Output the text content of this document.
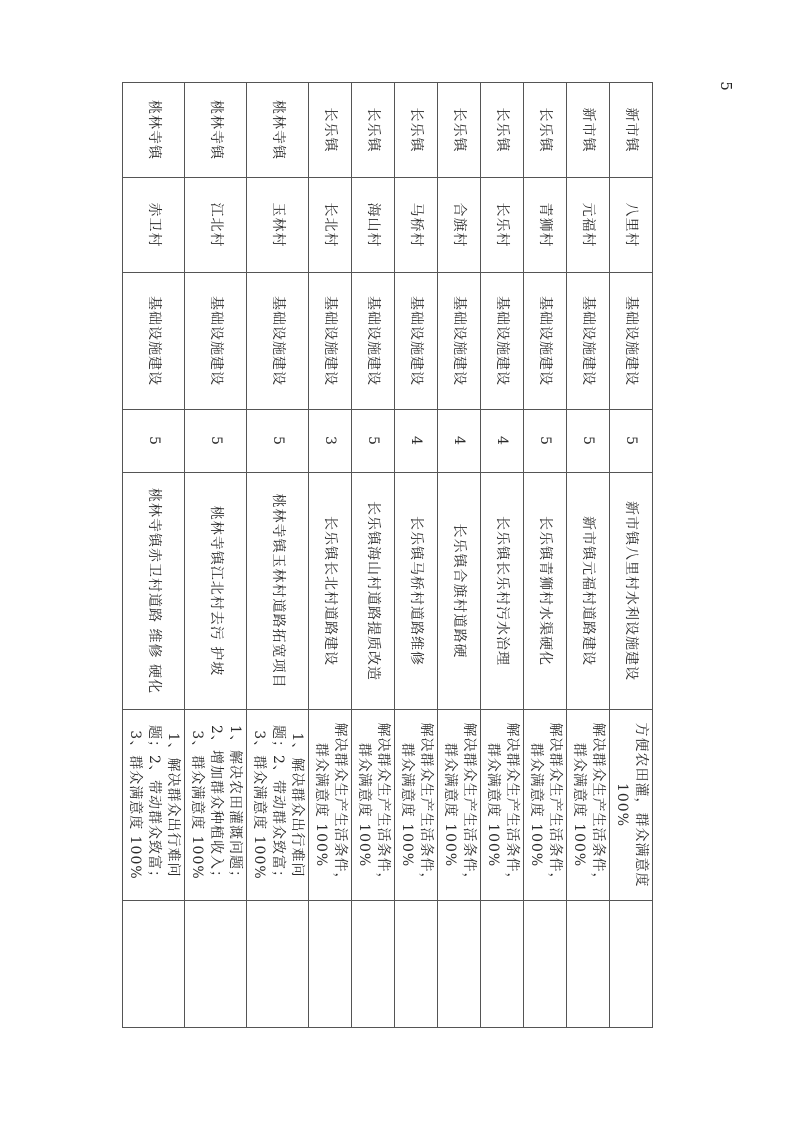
5
新市镇	八里村	基础设施建设	5	新市镇八里村水利设施建设	方便农田灌，群众满意度 100%	
新市镇	元福村	基础设施建设	5	新市镇元福村道路建设	解决群众生产生活条件，群众满意度 100%	
长乐镇	青狮村	基础设施建设	5	长乐镇青狮村水渠硬化	解决群众生产生活条件，群众满意度 100%	
长乐镇	长乐村	基础设施建设	4	长乐镇长乐村污水治理	解决群众生产生活条件，群众满意度 100%	
长乐镇	合旗村	基础设施建设	4	长乐镇合旗村道路硬	解决群众生产生活条件，群众满意度 100%	
长乐镇	马桥村	基础设施建设	4	长乐镇马桥村道路维修	解决群众生产生活条件，群众满意度 100%	
长乐镇	海山村	基础设施建设	5	长乐镇海山村道路提质改造	解决群众生产生活条件，群众满意度 100%	
长乐镇	长北村	基础设施建设	3	长乐镇长北村道路建设	解决群众生产生活条件，群众满意度 100%	
桃林寺镇	玉林村	基础设施建设	5	桃林寺镇玉林村道路拓宽项目	1、解决群众出行难问题；2、带动群众致富；3、群众满意度 100%	
桃林寺镇	江北村	基础设施建设	5	桃林寺镇江北村去污 护坡	1、解决农田灌溉问题；2、增加群众种植收入；3、群众满意度 100%	
桃林寺镇	赤卫村	基础设施建设	5	桃林寺镇赤卫村道路 维修 硬化	1、解决群众出行难问题；2、带动群众致富；3、群众满意度 100%	
